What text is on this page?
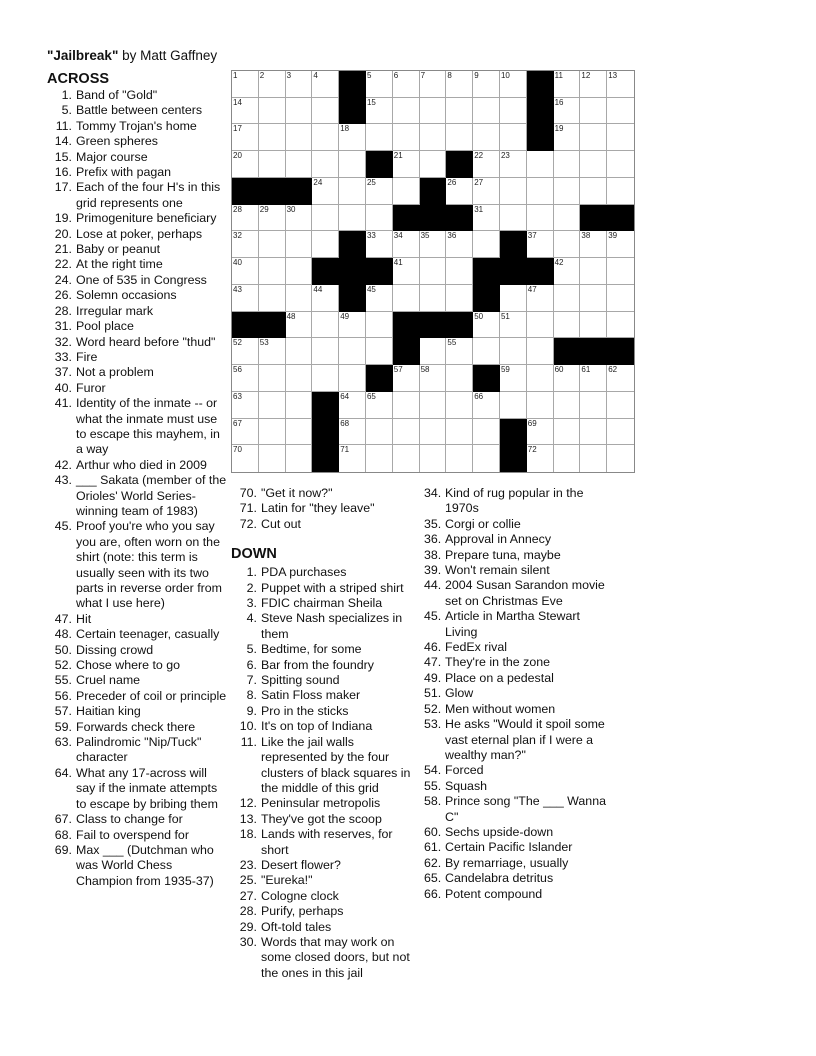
"Jailbreak" by Matt Gaffney
1	2	3	4	5	6	7	8	9	10	11 12 13
14	15	16
17	18	19
20	21	22 23
24	25	26 27
28 29 30	31
32	33 34 35 36	37	38 39
40	41	42
43	44	45	47
48	49	50 51
52 53	55
56	57 58	59	60 61 62
63	64 65	66
67	68	69
70	71	72
ACROSS
1. Band of "Gold"
5. Battle between centers
11. Tommy Trojan's home
14. Green spheres
15. Major course
16. Prefix with pagan
17. Each of the four H's in this grid represents one
19. Primogeniture beneficiary
20. Lose at poker, perhaps
21. Baby or peanut
22. At the right time
24. One of 535 in Congress
26. Solemn occasions
28. Irregular mark
31. Pool place
32. Word heard before "thud"
33. Fire
37. Not a problem
40. Furor
41. Identity of the inmate -- or what the inmate must use to escape this mayhem, in a way
42. Arthur who died in 2009
43. ___ Sakata (member of the Orioles' World Series-winning team of 1983)
45. Proof you're who you say you are, often worn on the shirt (note: this term is usually seen with its two parts in reverse order from what I use here)
47. Hit
48. Certain teenager, casually
50. Dissing crowd
52. Chose where to go
55. Cruel name
56. Preceder of coil or principle
57. Haitian king
59. Forwards check there
63. Palindromic "Nip/Tuck" character
64. What any 17-across will say if the inmate attempts to escape by bribing them
67. Class to change for
68. Fail to overspend for
69. Max ___ (Dutchman who was World Chess Champion from 1935-37)
70. "Get it now?"
71. Latin for "they leave"
72. Cut out
DOWN
1. PDA purchases
2. Puppet with a striped shirt
3. FDIC chairman Sheila
4. Steve Nash specializes in them
5. Bedtime, for some
6. Bar from the foundry
7. Spitting sound
8. Satin Floss maker
9. Pro in the sticks
10. It's on top of Indiana
11. Like the jail walls represented by the four clusters of black squares in the middle of this grid
12. Peninsular metropolis
13. They've got the scoop
18. Lands with reserves, for short
23. Desert flower?
25. "Eureka!"
27. Cologne clock
28. Purify, perhaps
29. Oft-told tales
30. Words that may work on some closed doors, but not the ones in this jail
34. Kind of rug popular in the 1970s
35. Corgi or collie
36. Approval in Annecy
38. Prepare tuna, maybe
39. Won't remain silent
44. 2004 Susan Sarandon movie set on Christmas Eve
45. Article in Martha Stewart Living
46. FedEx rival
47. They're in the zone
49. Place on a pedestal
51. Glow
52. Men without women
53. He asks "Would it spoil some vast eternal plan if I were a wealthy man?"
54. Forced
55. Squash
58. Prince song "The ___ Wanna C"
60. Sechs upside-down
61. Certain Pacific Islander
62. By remarriage, usually
65. Candelabra detritus
66. Potent compound
